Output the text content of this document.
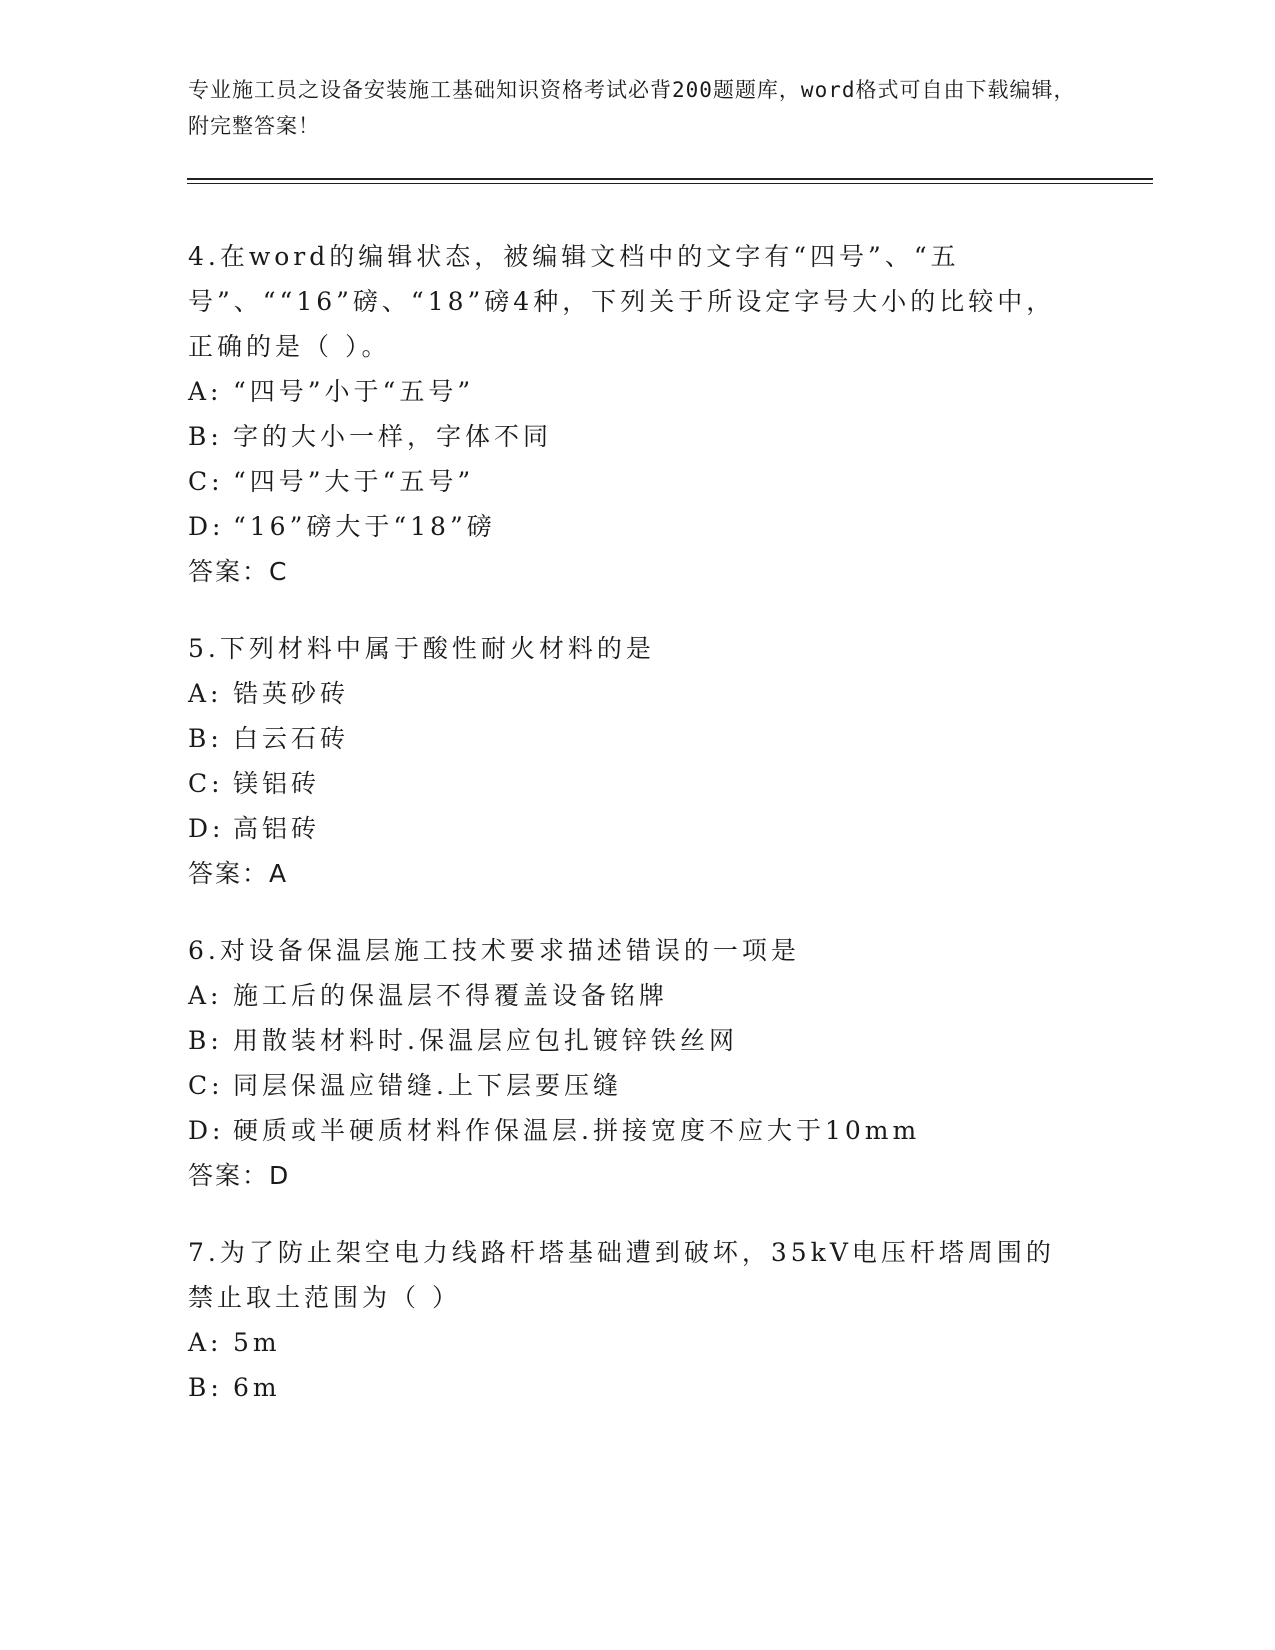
专业施工员之设备安装施工基础知识资格考试必背200题题库，word格式可自由下载编辑，附完整答案！
4.在word的编辑状态，被编辑文档中的文字有“四号”、“五号”、““16”磅、“18”磅4种，下列关于所设定字号大小的比较中，正确的是（ ）。
A: “四号”小于“五号”
B: 字的大小一样，字体不同
C: “四号”大于“五号”
D: “16”磅大于“18”磅
答案：C
5.下列材料中属于酸性耐火材料的是
A: 锆英砂砖
B: 白云石砖
C: 镁铝砖
D: 高铝砖
答案：A
6.对设备保温层施工技术要求描述错误的一项是
A: 施工后的保温层不得覆盖设备铭牌
B: 用散装材料时.保温层应包扎镀锌铁丝网
C: 同层保温应错缝.上下层要压缝
D: 硬质或半硬质材料作保温层.拼接宽度不应大于10mm
答案：D
7.为了防止架空电力线路杆塔基础遭到破坏，35kV电压杆塔周围的禁止取土范围为（ ）
A: 5m
B: 6m
